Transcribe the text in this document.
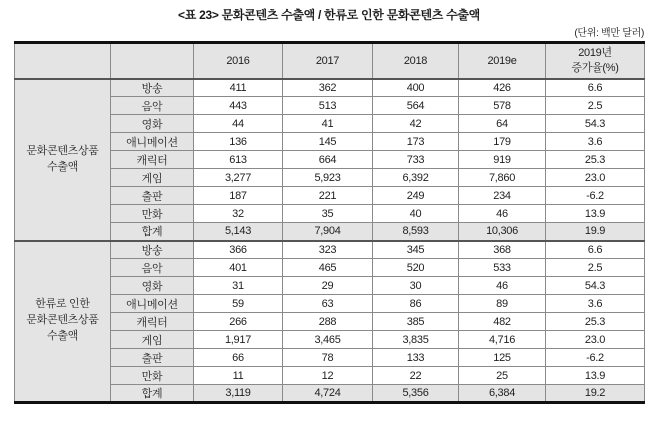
<표 23> 문화콘텐츠 수출액 / 한류로 인한 문화콘텐츠 수출액
(단위: 백만 달러)
		2016	2017	2018	2019e	2019년
증가율(%)

문화콘텐츠상품
수출액	방송	411	362	400	426	6.6
	음악	443	513	564	578	2.5
	영화	44	41	42	64	54.3
	애니메이션	136	145	173	179	3.6
	캐릭터	613	664	733	919	25.3
	게임	3,277	5,923	6,392	7,860	23.0
	출판	187	221	249	234	-6.2
	만화	32	35	40	46	13.9
	합계	5,143	7,904	8,593	10,306	19.9

한류로 인한
문화콘텐츠상품
수출액	방송	366	323	345	368	6.6
	음악	401	465	520	533	2.5
	영화	31	29	30	46	54.3
	애니메이션	59	63	86	89	3.6
	캐릭터	266	288	385	482	25.3
	게임	1,917	3,465	3,835	4,716	23.0
	출판	66	78	133	125	-6.2
	만화	11	12	22	25	13.9
	합계	3,119	4,724	5,356	6,384	19.2
